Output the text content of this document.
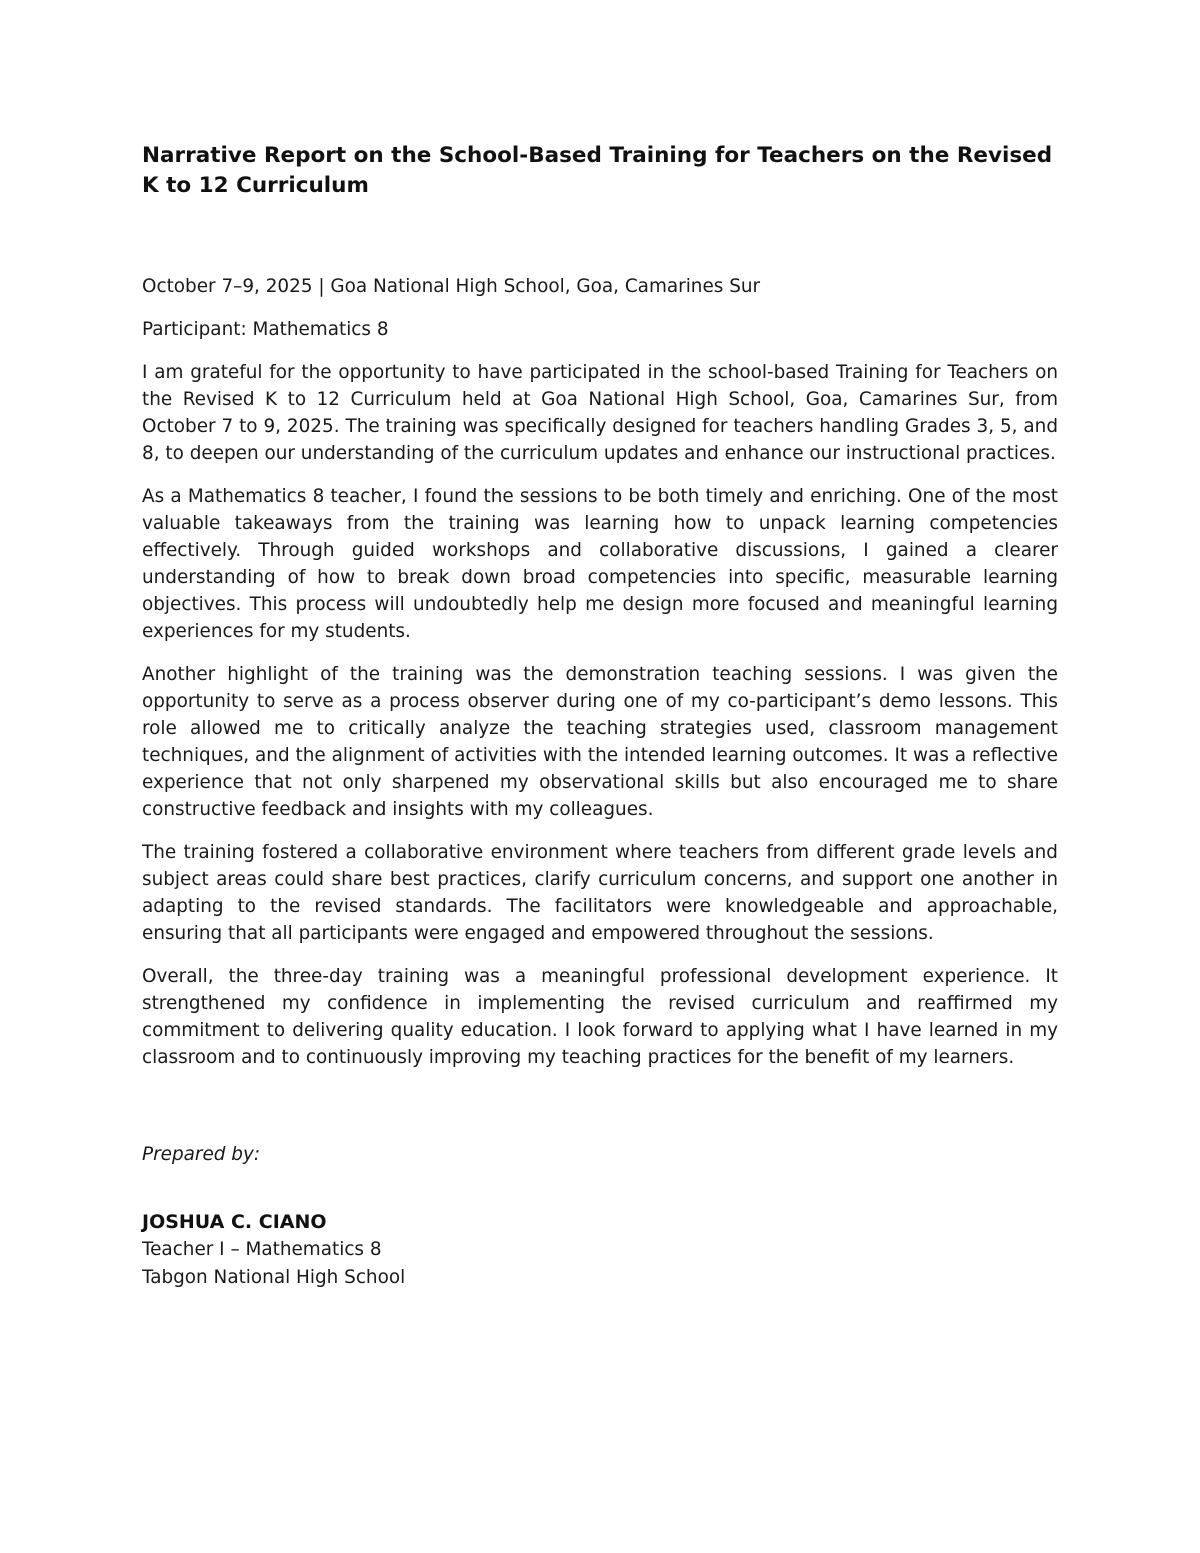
Narrative Report on the School-Based Training for Teachers on the Revised K to 12 Curriculum
October 7–9, 2025 | Goa National High School, Goa, Camarines Sur
Participant: Mathematics 8

I am grateful for the opportunity to have participated in the school-based Training for Teachers on the Revised K to 12 Curriculum held at Goa National High School, Goa, Camarines Sur, from October 7 to 9, 2025. The training was specifically designed for teachers handling Grades 3, 5, and 8, to deepen our understanding of the curriculum updates and enhance our instructional practices.

As a Mathematics 8 teacher, I found the sessions to be both timely and enriching. One of the most valuable takeaways from the training was learning how to unpack learning competencies effectively. Through guided workshops and collaborative discussions, I gained a clearer understanding of how to break down broad competencies into specific, measurable learning objectives. This process will undoubtedly help me design more focused and meaningful learning experiences for my students.

Another highlight of the training was the demonstration teaching sessions. I was given the opportunity to serve as a process observer during one of my co-participant’s demo lessons. This role allowed me to critically analyze the teaching strategies used, classroom management techniques, and the alignment of activities with the intended learning outcomes. It was a reflective experience that not only sharpened my observational skills but also encouraged me to share constructive feedback and insights with my colleagues.

The training fostered a collaborative environment where teachers from different grade levels and subject areas could share best practices, clarify curriculum concerns, and support one another in adapting to the revised standards. The facilitators were knowledgeable and approachable, ensuring that all participants were engaged and empowered throughout the sessions.

Overall, the three-day training was a meaningful professional development experience. It strengthened my confidence in implementing the revised curriculum and reaffirmed my commitment to delivering quality education. I look forward to applying what I have learned in my classroom and to continuously improving my teaching practices for the benefit of my learners.

Prepared by:
JOSHUA C. CIANO
Teacher I – Mathematics 8
Tabgon National High School
